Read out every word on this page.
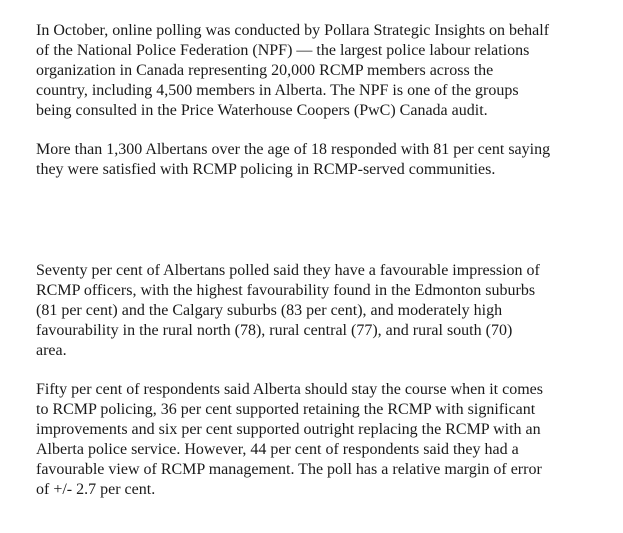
In October, online polling was conducted by Pollara Strategic Insights on behalf
of the National Police Federation (NPF) — the largest police labour relations
organization in Canada representing 20,000 RCMP members across the
country, including 4,500 members in Alberta. The NPF is one of the groups
being consulted in the Price Waterhouse Coopers (PwC) Canada audit.

More than 1,300 Albertans over the age of 18 responded with 81 per cent saying
they were satisfied with RCMP policing in RCMP-served communities.

Seventy per cent of Albertans polled said they have a favourable impression of
RCMP officers, with the highest favourability found in the Edmonton suburbs
(81 per cent) and the Calgary suburbs (83 per cent), and moderately high
favourability in the rural north (78), rural central (77), and rural south (70)
area.

Fifty per cent of respondents said Alberta should stay the course when it comes
to RCMP policing, 36 per cent supported retaining the RCMP with significant
improvements and six per cent supported outright replacing the RCMP with an
Alberta police service. However, 44 per cent of respondents said they had a
favourable view of RCMP management. The poll has a relative margin of error
of +/- 2.7 per cent.
